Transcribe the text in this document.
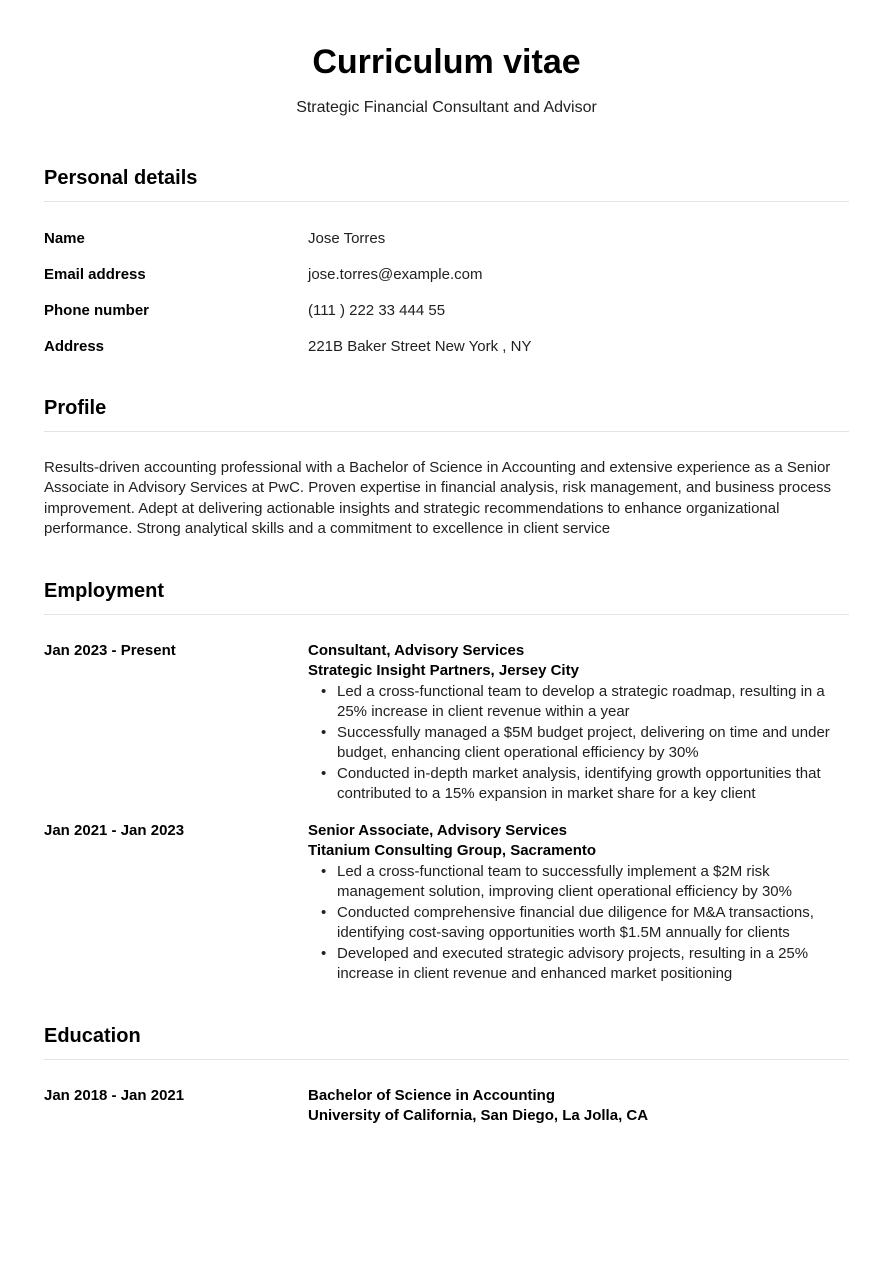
Curriculum vitae
Strategic Financial Consultant and Advisor
Personal details
Name	Jose Torres
Email address	jose.torres@example.com
Phone number	(111 ) 222 33 444 55
Address	221B Baker Street New York , NY
Profile

Results-driven accounting professional with a Bachelor of Science in Accounting and extensive experience as a Senior Associate in Advisory Services at PwC. Proven expertise in financial analysis, risk management, and business process improvement. Adept at delivering actionable insights and strategic recommendations to enhance organizational performance. Strong analytical skills and a commitment to excellence in client service

Employment
Jan 2023 - Present	Consultant, Advisory Services
Strategic Insight Partners, Jersey City
• Led a cross-functional team to develop a strategic roadmap, resulting in a 25% increase in client revenue within a year
• Successfully managed a $5M budget project, delivering on time and under budget, enhancing client operational efficiency by 30%
• Conducted in-depth market analysis, identifying growth opportunities that contributed to a 15% expansion in market share for a key client
Jan 2021 - Jan 2023	Senior Associate, Advisory Services
Titanium Consulting Group, Sacramento
• Led a cross-functional team to successfully implement a $2M risk management solution, improving client operational efficiency by 30%
• Conducted comprehensive financial due diligence for M&A transactions, identifying cost-saving opportunities worth $1.5M annually for clients
• Developed and executed strategic advisory projects, resulting in a 25% increase in client revenue and enhanced market positioning
Education
Jan 2018 - Jan 2021	Bachelor of Science in Accounting
University of California, San Diego, La Jolla, CA
